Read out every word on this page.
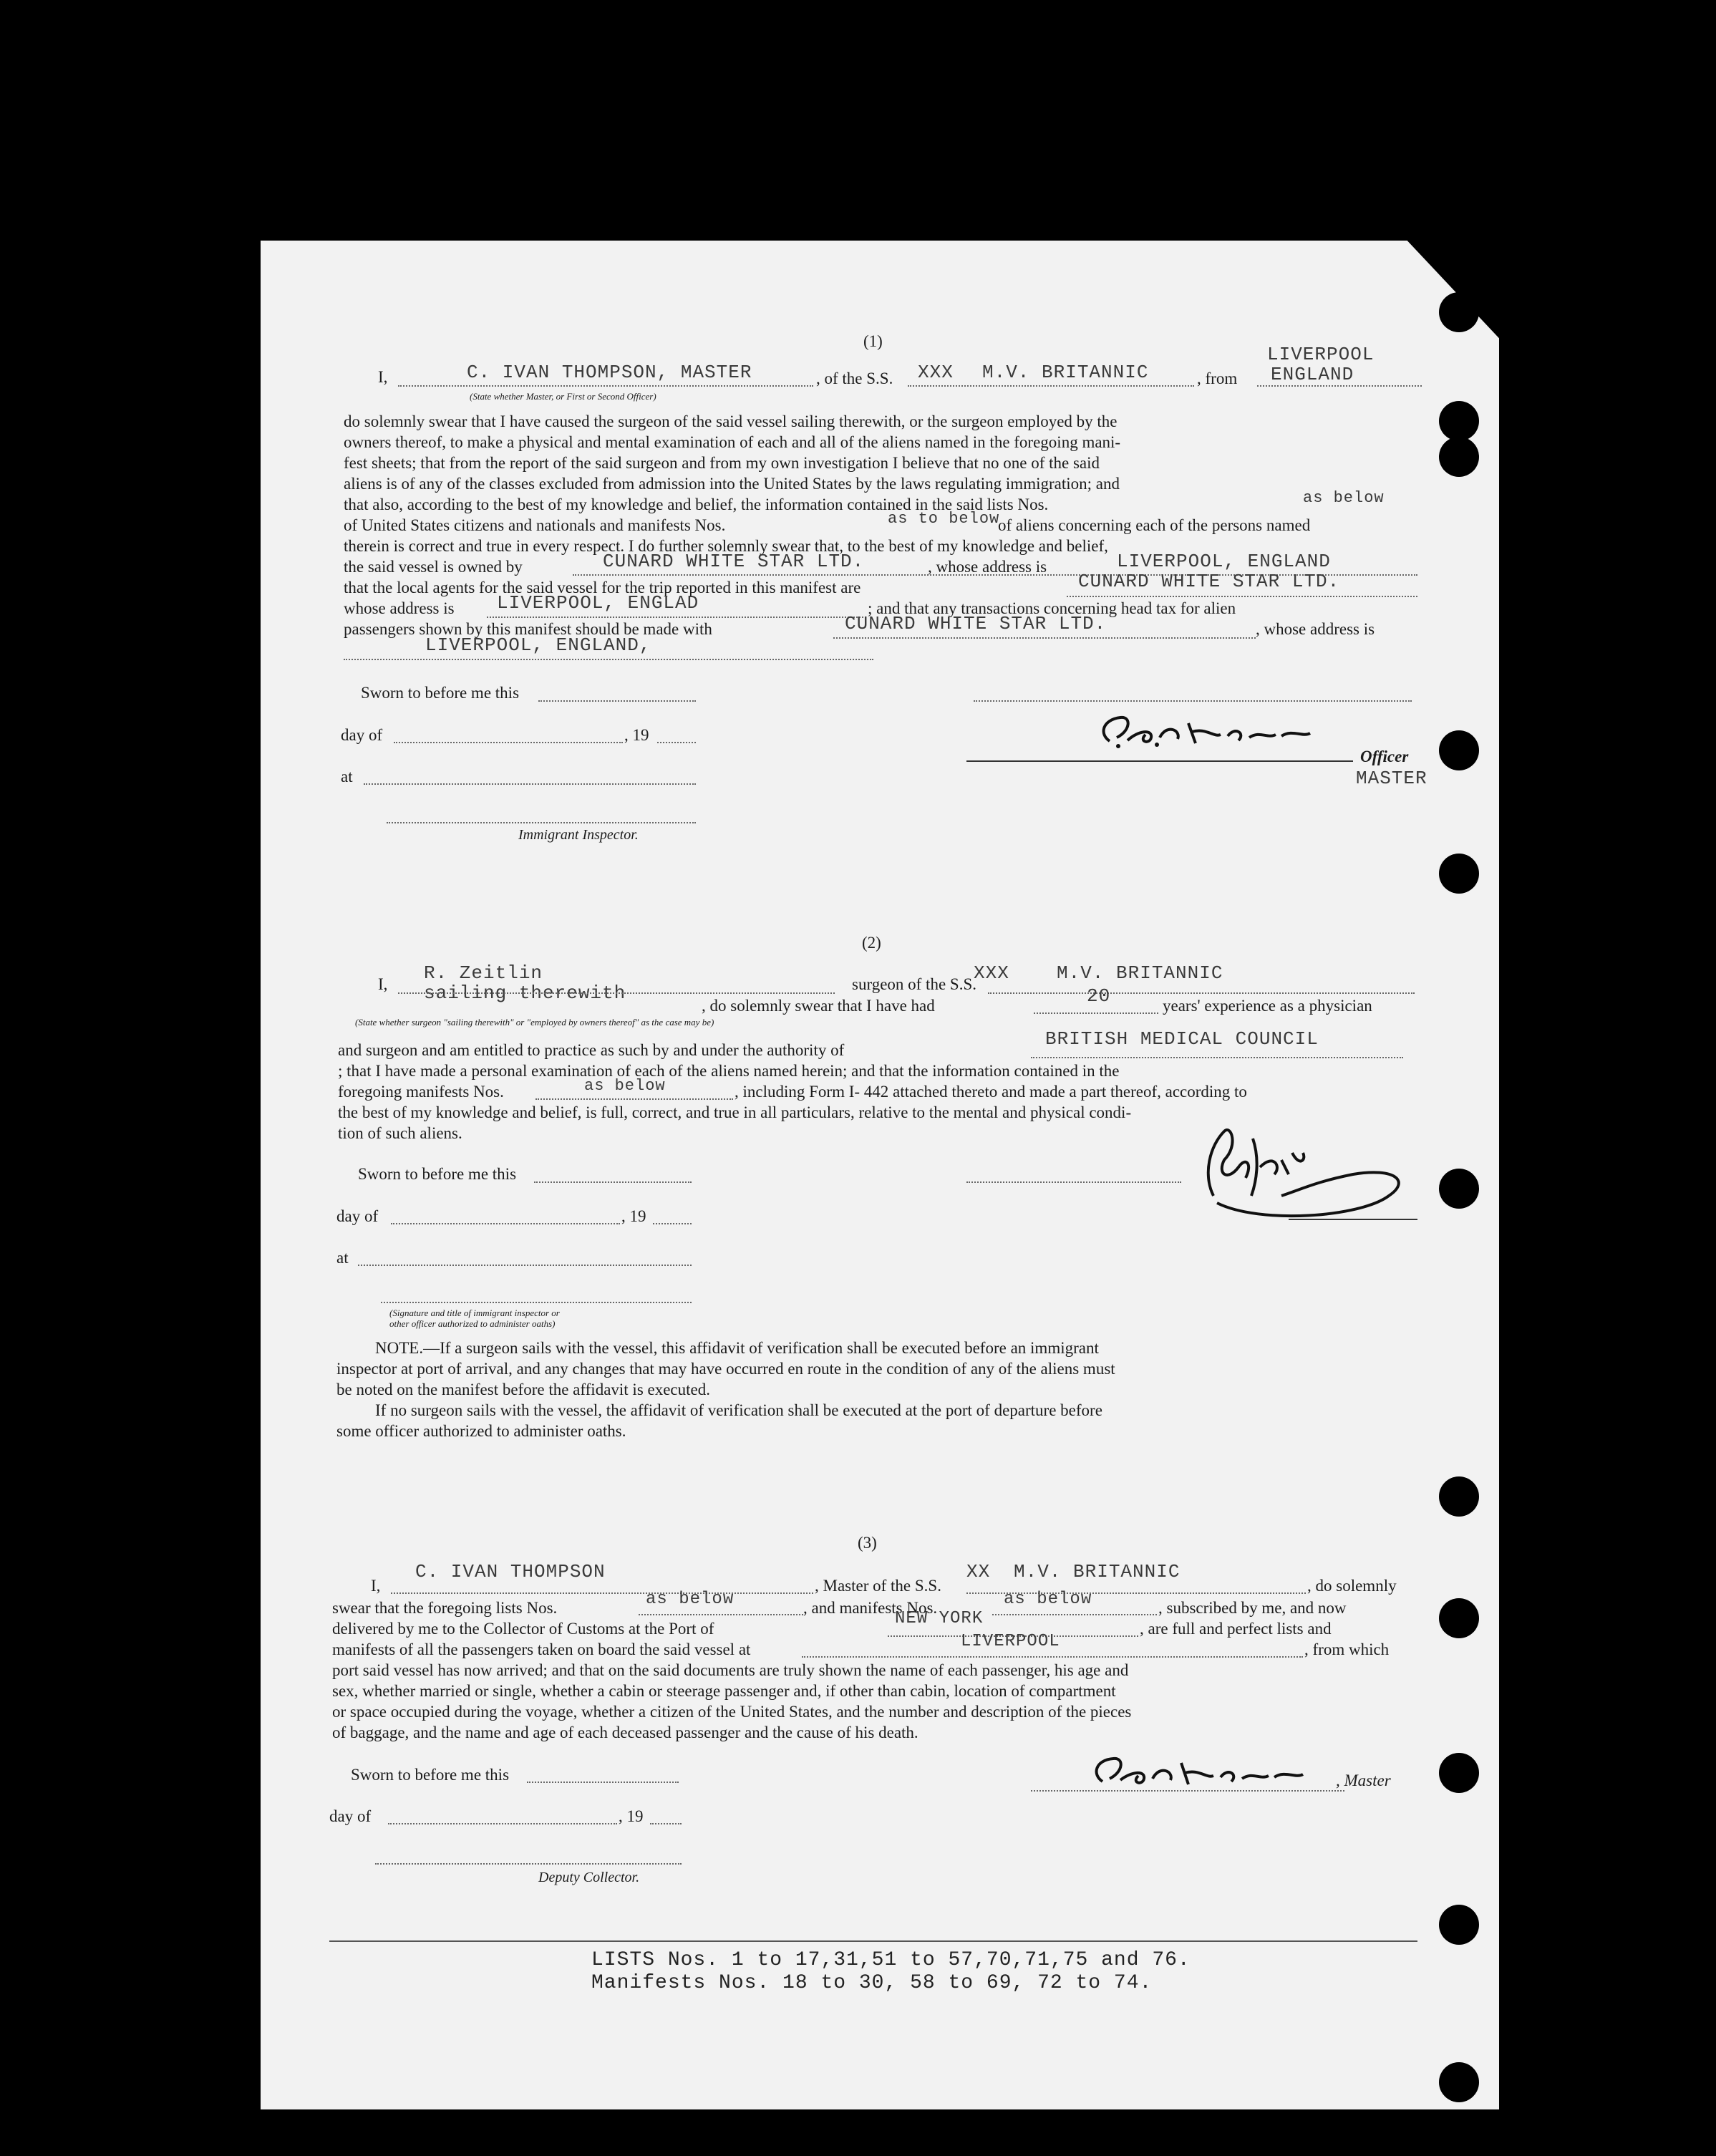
(1)
I,	C. IVAN THOMPSON, MASTER	, of the S.S. XXX M.V. BRITANNIC	, from
LIVERPOOL
ENGLAND
(State whether Master, or First or Second Officer)
do solemnly swear that I have caused the surgeon of the said vessel sailing therewith, or the surgeon employed by the
owners thereof, to make a physical and mental examination of each and all of the aliens named in the foregoing mani-
fest sheets; that from the report of the said surgeon and from my own investigation I believe that no one of the said
aliens is of any of the classes excluded from admission into the United States by the laws regulating immigration; and
that also, according to the best of my knowledge and belief, the information contained in the said lists Nos.	as below
of United States citizens and nationals and manifests Nos.	as to below
of aliens concerning each of the persons named
therein is correct and true in every respect. I do further solemnly swear that, to the best of my knowledge and belief,
the said vessel is owned by	CUNARD WHITE STAR LTD.	, whose address is	LIVERPOOL, ENGLAND
that the local agents for the said vessel for the trip reported in this manifest are	CUNARD WHITE STAR LTD.
whose address is LIVERPOOL, ENGLAD	; and that any transactions concerning head tax for alien
passengers shown by this manifest should be made with	CUNARD WHITE STAR LTD.	, whose address is
LIVERPOOL, ENGLAND,
Sworn to before me this
day of	, 19
at
Immigrant Inspector.
Officer
MASTER
(2)
I,
R. Zeitlin
sailing therewith	surgeon of the S.S.
XXX	M.V. BRITANNIC
, do solemnly swear that I have had	20	years' experience as a physician
(State whether surgeon "sailing therewith" or "employed by owners thereof" as the case may be)
and surgeon and am entitled to practice as such by and under the authority of
BRITISH MEDICAL COUNCIL
; that I have made a personal examination of each of the aliens named herein; and that the information contained in the
foregoing manifests Nos.	as below	, including Form I- 442 attached thereto and made a part thereof, according to
the best of my knowledge and belief, is full, correct, and true in all particulars, relative to the mental and physical condi-
tion of such aliens.
Sworn to before me this
day of	, 19
at
(Signature and title of immigrant inspector or
other officer authorized to administer oaths)
NOTE.—If a surgeon sails with the vessel, this affidavit of verification shall be executed before an immigrant
inspector at port of arrival, and any changes that may have occurred en route in the condition of any of the aliens must
be noted on the manifest before the affidavit is executed.
If no surgeon sails with the vessel, the affidavit of verification shall be executed at the port of departure before
some officer authorized to administer oaths.
(3)
I,
C. IVAN THOMPSON
, Master of the S.S.
XX M.V. BRITANNIC
, do solemnly
swear that the foregoing lists Nos.	as below	, and manifests Nos.	as below	, subscribed by me, and now
delivered by me to the Collector of Customs at the Port of
NEW YORK
, are full and perfect lists and
manifests of all the passengers taken on board the said vessel at	LIVERPOOL	, from which
port said vessel has now arrived; and that on the said documents are truly shown the name of each passenger, his age and
sex, whether married or single, whether a cabin or steerage passenger and, if other than cabin, location of compartment
or space occupied during the voyage, whether a citizen of the United States, and the number and description of the pieces
of baggage, and the name and age of each deceased passenger and the cause of his death.
Sworn to before me this	, Master
day of	, 19
Deputy Collector.
LISTS Nos. 1 to 17,31,51 to 57,70,71,75 and 76.
Manifests Nos. 18 to 30, 58 to 69, 72 to 74.
